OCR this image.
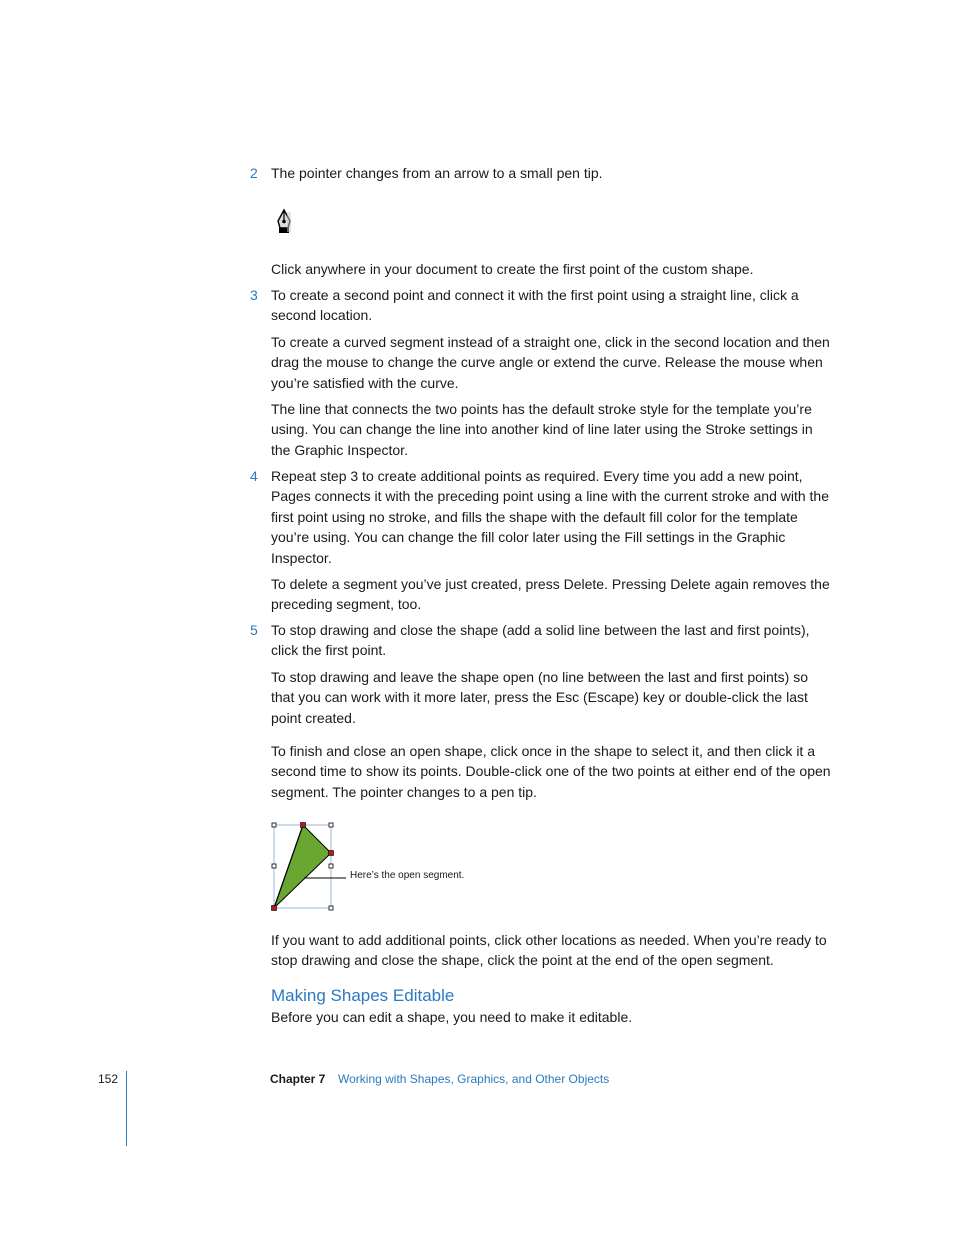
2 The pointer changes from an arrow to a small pen tip.
Click anywhere in your document to create the first point of the custom shape.
3 To create a second point and connect it with the first point using a straight line, click a second location.
To create a curved segment instead of a straight one, click in the second location and then drag the mouse to change the curve angle or extend the curve. Release the mouse when you’re satisfied with the curve.
The line that connects the two points has the default stroke style for the template you’re using. You can change the line into another kind of line later using the Stroke settings in the Graphic Inspector.
4 Repeat step 3 to create additional points as required. Every time you add a new point, Pages connects it with the preceding point using a line with the current stroke and with the first point using no stroke, and fills the shape with the default fill color for the template you’re using. You can change the fill color later using the Fill settings in the Graphic Inspector.
To delete a segment you’ve just created, press Delete. Pressing Delete again removes the preceding segment, too.
5 To stop drawing and close the shape (add a solid line between the last and first points), click the first point.
To stop drawing and leave the shape open (no line between the last and first points) so that you can work with it more later, press the Esc (Escape) key or double-click the last point created.
To finish and close an open shape, click once in the shape to select it, and then click it a second time to show its points. Double-click one of the two points at either end of the open segment. The pointer changes to a pen tip.
Here’s the open segment.
If you want to add additional points, click other locations as needed. When you’re ready to stop drawing and close the shape, click the point at the end of the open segment.
Making Shapes Editable
Before you can edit a shape, you need to make it editable.
152	Chapter 7 Working with Shapes, Graphics, and Other Objects
